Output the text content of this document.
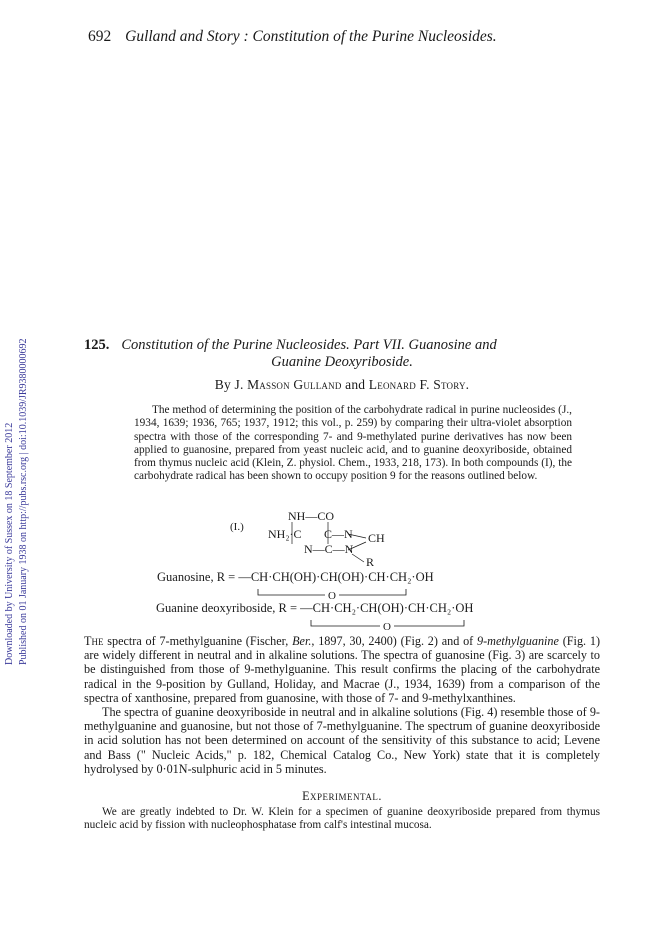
692 Gulland and Story : Constitution of the Purine Nucleosides.
Downloaded by University of Sussex on 18 September 2012 Published on 01 January 1938 on http://pubs.rsc.org | doi:10.1039/JR9380000692	125. Constitution of the Purine Nucleosides. Part VII. Guanosine and
Guanine Deoxyriboside.
By J. Masson Gulland and Leonard F. Story.

The method of determining the position of the carbohydrate radical in purine nucleosides (J., 1934, 1639; 1936, 765; 1937, 1912; this vol., p. 259) by comparing their ultra-violet absorption spectra with those of the corresponding 7- and 9-methylated purine derivatives has now been applied to guanosine, prepared from yeast nucleic acid, and to guanine deoxyriboside, obtained from thymus nucleic acid (Klein, Z. physiol. Chem., 1933, 218, 173). In both compounds (I), the carbohydrate radical has been shown to occupy position 9 for the reasons outlined below.

(I.)
NH—CO
NH₂·C C—N CH
N—C—N
R
Guanosine, R = —CH·CH(OH)·CH(OH)·CH·CH₂·OH
O
Guanine deoxyriboside, R = —CH·CH₂·CH(OH)·CH·CH₂·OH
O

The spectra of 7-methylguanine (Fischer, Ber., 1897, 30, 2400) (Fig. 2) and of 9-methylguanine (Fig. 1) are widely different in neutral and in alkaline solutions. The spectra of guanosine (Fig. 3) are scarcely to be distinguished from those of 9-methylguanine. This result confirms the placing of the carbohydrate radical in the 9-position by Gulland, Holiday, and Macrae (J., 1934, 1639) from a comparison of the spectra of xanthosine, prepared from guanosine, with those of 7- and 9-methylxanthines.

The spectra of guanine deoxyriboside in neutral and in alkaline solutions (Fig. 4) resemble those of 9-methylguanine and guanosine, but not those of 7-methylguanine. The spectrum of guanine deoxyriboside in acid solution has not been determined on account of the sensitivity of this substance to acid; Levene and Bass (" Nucleic Acids," p. 182, Chemical Catalog Co., New York) state that it is completely hydrolysed by 0·01N-sulphuric acid in 5 minutes.

Experimental.

We are greatly indebted to Dr. W. Klein for a specimen of guanine deoxyriboside prepared from thymus nucleic acid by fission with nucleophosphatase from calf's intestinal mucosa.
